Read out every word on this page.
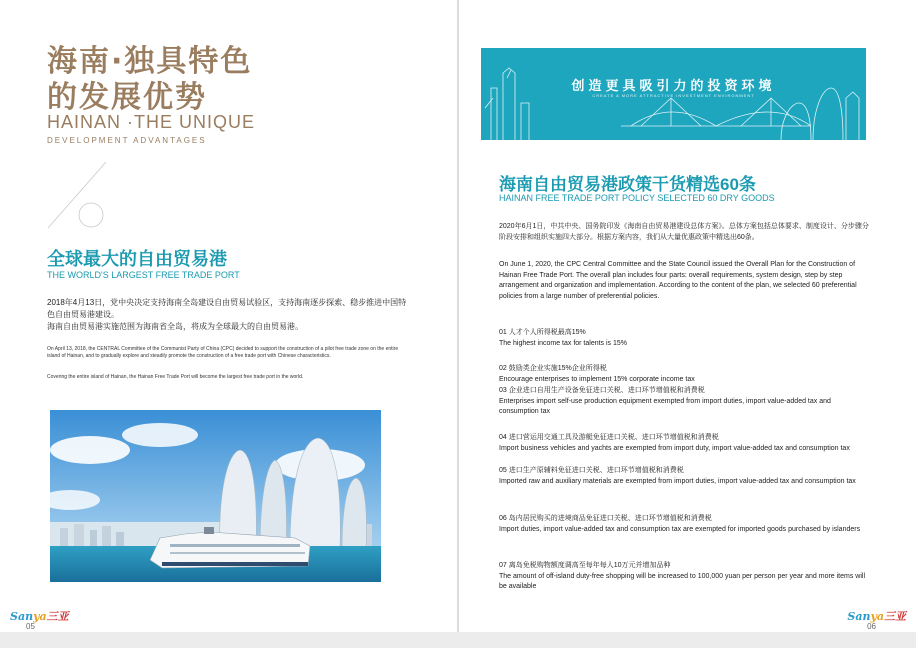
海南·独具特色
的发展优势

HAINAN ·THE UNIQUE

DEVELOPMENT ADVANTAGES

全球最大的自由贸易港

THE WORLD'S LARGEST FREE TRADE PORT

2018年4月13日，党中央决定支持海南全岛建设自由贸易试验区，支持海南逐步探索、稳步推进中国特色自由贸易港建设。
海南自由贸易港实施范围为海南省全岛，将成为全球最大的自由贸易港。

On April 13, 2018, the CENTRAL Committee of the Communist Party of China (CPC) decided to support the construction of a pilot free trade zone on the entire island of Hainan, and to gradually explore and steadily promote the construction of a free trade port with Chinese characteristics.

Covering the entire island of Hainan, the Hainan Free Trade Port will become the largest free trade port in the world.

Sanya三亚
05

创造更具吸引力的投资环境

CREATE A MORE ATTRACTIVE INVESTMENT ENVIRONMENT

海南自由贸易港政策干货精选60条

HAINAN FREE TRADE PORT POLICY SELECTED 60 DRY GOODS

2020年6月1日，中共中央、国务院印发《海南自由贸易港建设总体方案》。总体方案包括总体要求、制度设计、分步骤分阶段安排和组织实施四大部分。根据方案内容，我们从大量优惠政策中精选出60条。

On June 1, 2020, the CPC Central Committee and the State Council issued the Overall Plan for the Construction of Hainan Free Trade Port. The overall plan includes four parts: overall requirements, system design, step by step arrangement and organization and implementation. According to the content of the plan, we selected 60 preferential policies from a large number of preferential policies.

01 人才个人所得税最高15%
The highest income tax for talents is 15%
02 鼓励类企业实施15%企业所得税
Encourage enterprises to implement 15% corporate income tax
03 企业进口自用生产设备免征进口关税、进口环节增值税和消费税
Enterprises import self-use production equipment exempted from import duties, import value-added tax and consumption tax
04 进口营运用交通工具及游艇免征进口关税、进口环节增值税和消费税
Import business vehicles and yachts are exempted from import duty, import value-added tax and consumption tax
05 进口生产原辅料免征进口关税、进口环节增值税和消费税
Imported raw and auxiliary materials are exempted from import duties, import value-added tax and consumption tax
06 岛内居民购买的进境商品免征进口关税、进口环节增值税和消费税
Import duties, import value-added tax and consumption tax are exempted for imported goods purchased by islanders
07 离岛免税购物额度调高至每年每人10万元并增加品种
The amount of off-island duty-free shopping will be increased to 100,000 yuan per person per year and more items will be available
Sanya三亚
06
